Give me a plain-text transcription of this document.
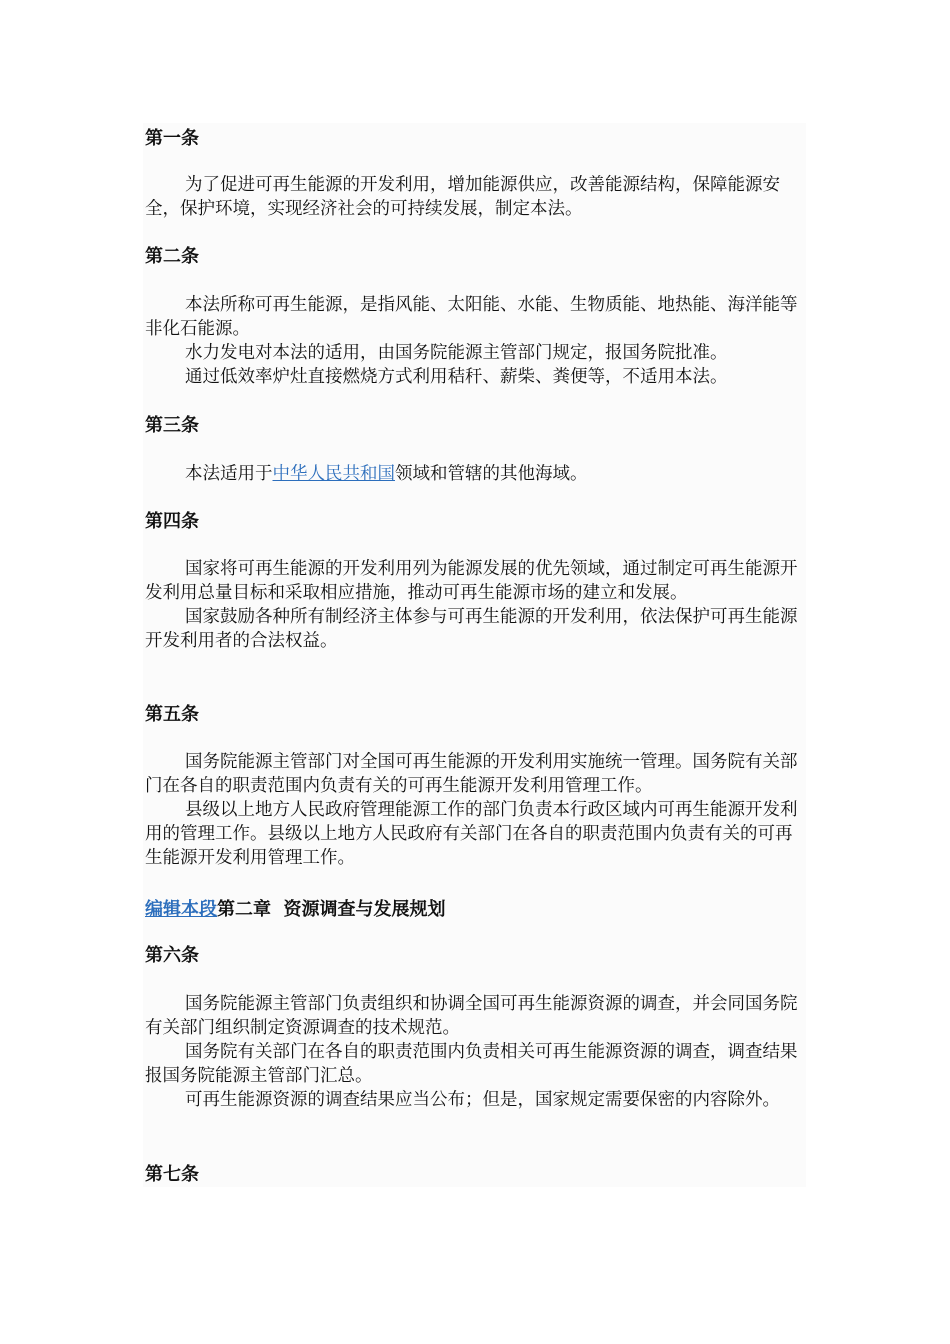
第一条

为了促进可再生能源的开发利用，增加能源供应，改善能源结构，保障能源安全，保护环境，实现经济社会的可持续发展，制定本法。

第二条

本法所称可再生能源，是指风能、太阳能、水能、生物质能、地热能、海洋能等非化石能源。

水力发电对本法的适用，由国务院能源主管部门规定，报国务院批准。

通过低效率炉灶直接燃烧方式利用秸秆、薪柴、粪便等，不适用本法。

第三条

本法适用于中华人民共和国领域和管辖的其他海域。

第四条

国家将可再生能源的开发利用列为能源发展的优先领域，通过制定可再生能源开发利用总量目标和采取相应措施，推动可再生能源市场的建立和发展。

国家鼓励各种所有制经济主体参与可再生能源的开发利用，依法保护可再生能源开发利用者的合法权益。

第五条

国务院能源主管部门对全国可再生能源的开发利用实施统一管理。国务院有关部门在各自的职责范围内负责有关的可再生能源开发利用管理工作。

县级以上地方人民政府管理能源工作的部门负责本行政区域内可再生能源开发利用的管理工作。县级以上地方人民政府有关部门在各自的职责范围内负责有关的可再生能源开发利用管理工作。

编辑本段第二章  资源调查与发展规划
第六条

国务院能源主管部门负责组织和协调全国可再生能源资源的调查，并会同国务院有关部门组织制定资源调查的技术规范。

国务院有关部门在各自的职责范围内负责相关可再生能源资源的调查，调查结果报国务院能源主管部门汇总。

可再生能源资源的调查结果应当公布；但是，国家规定需要保密的内容除外。

第七条
